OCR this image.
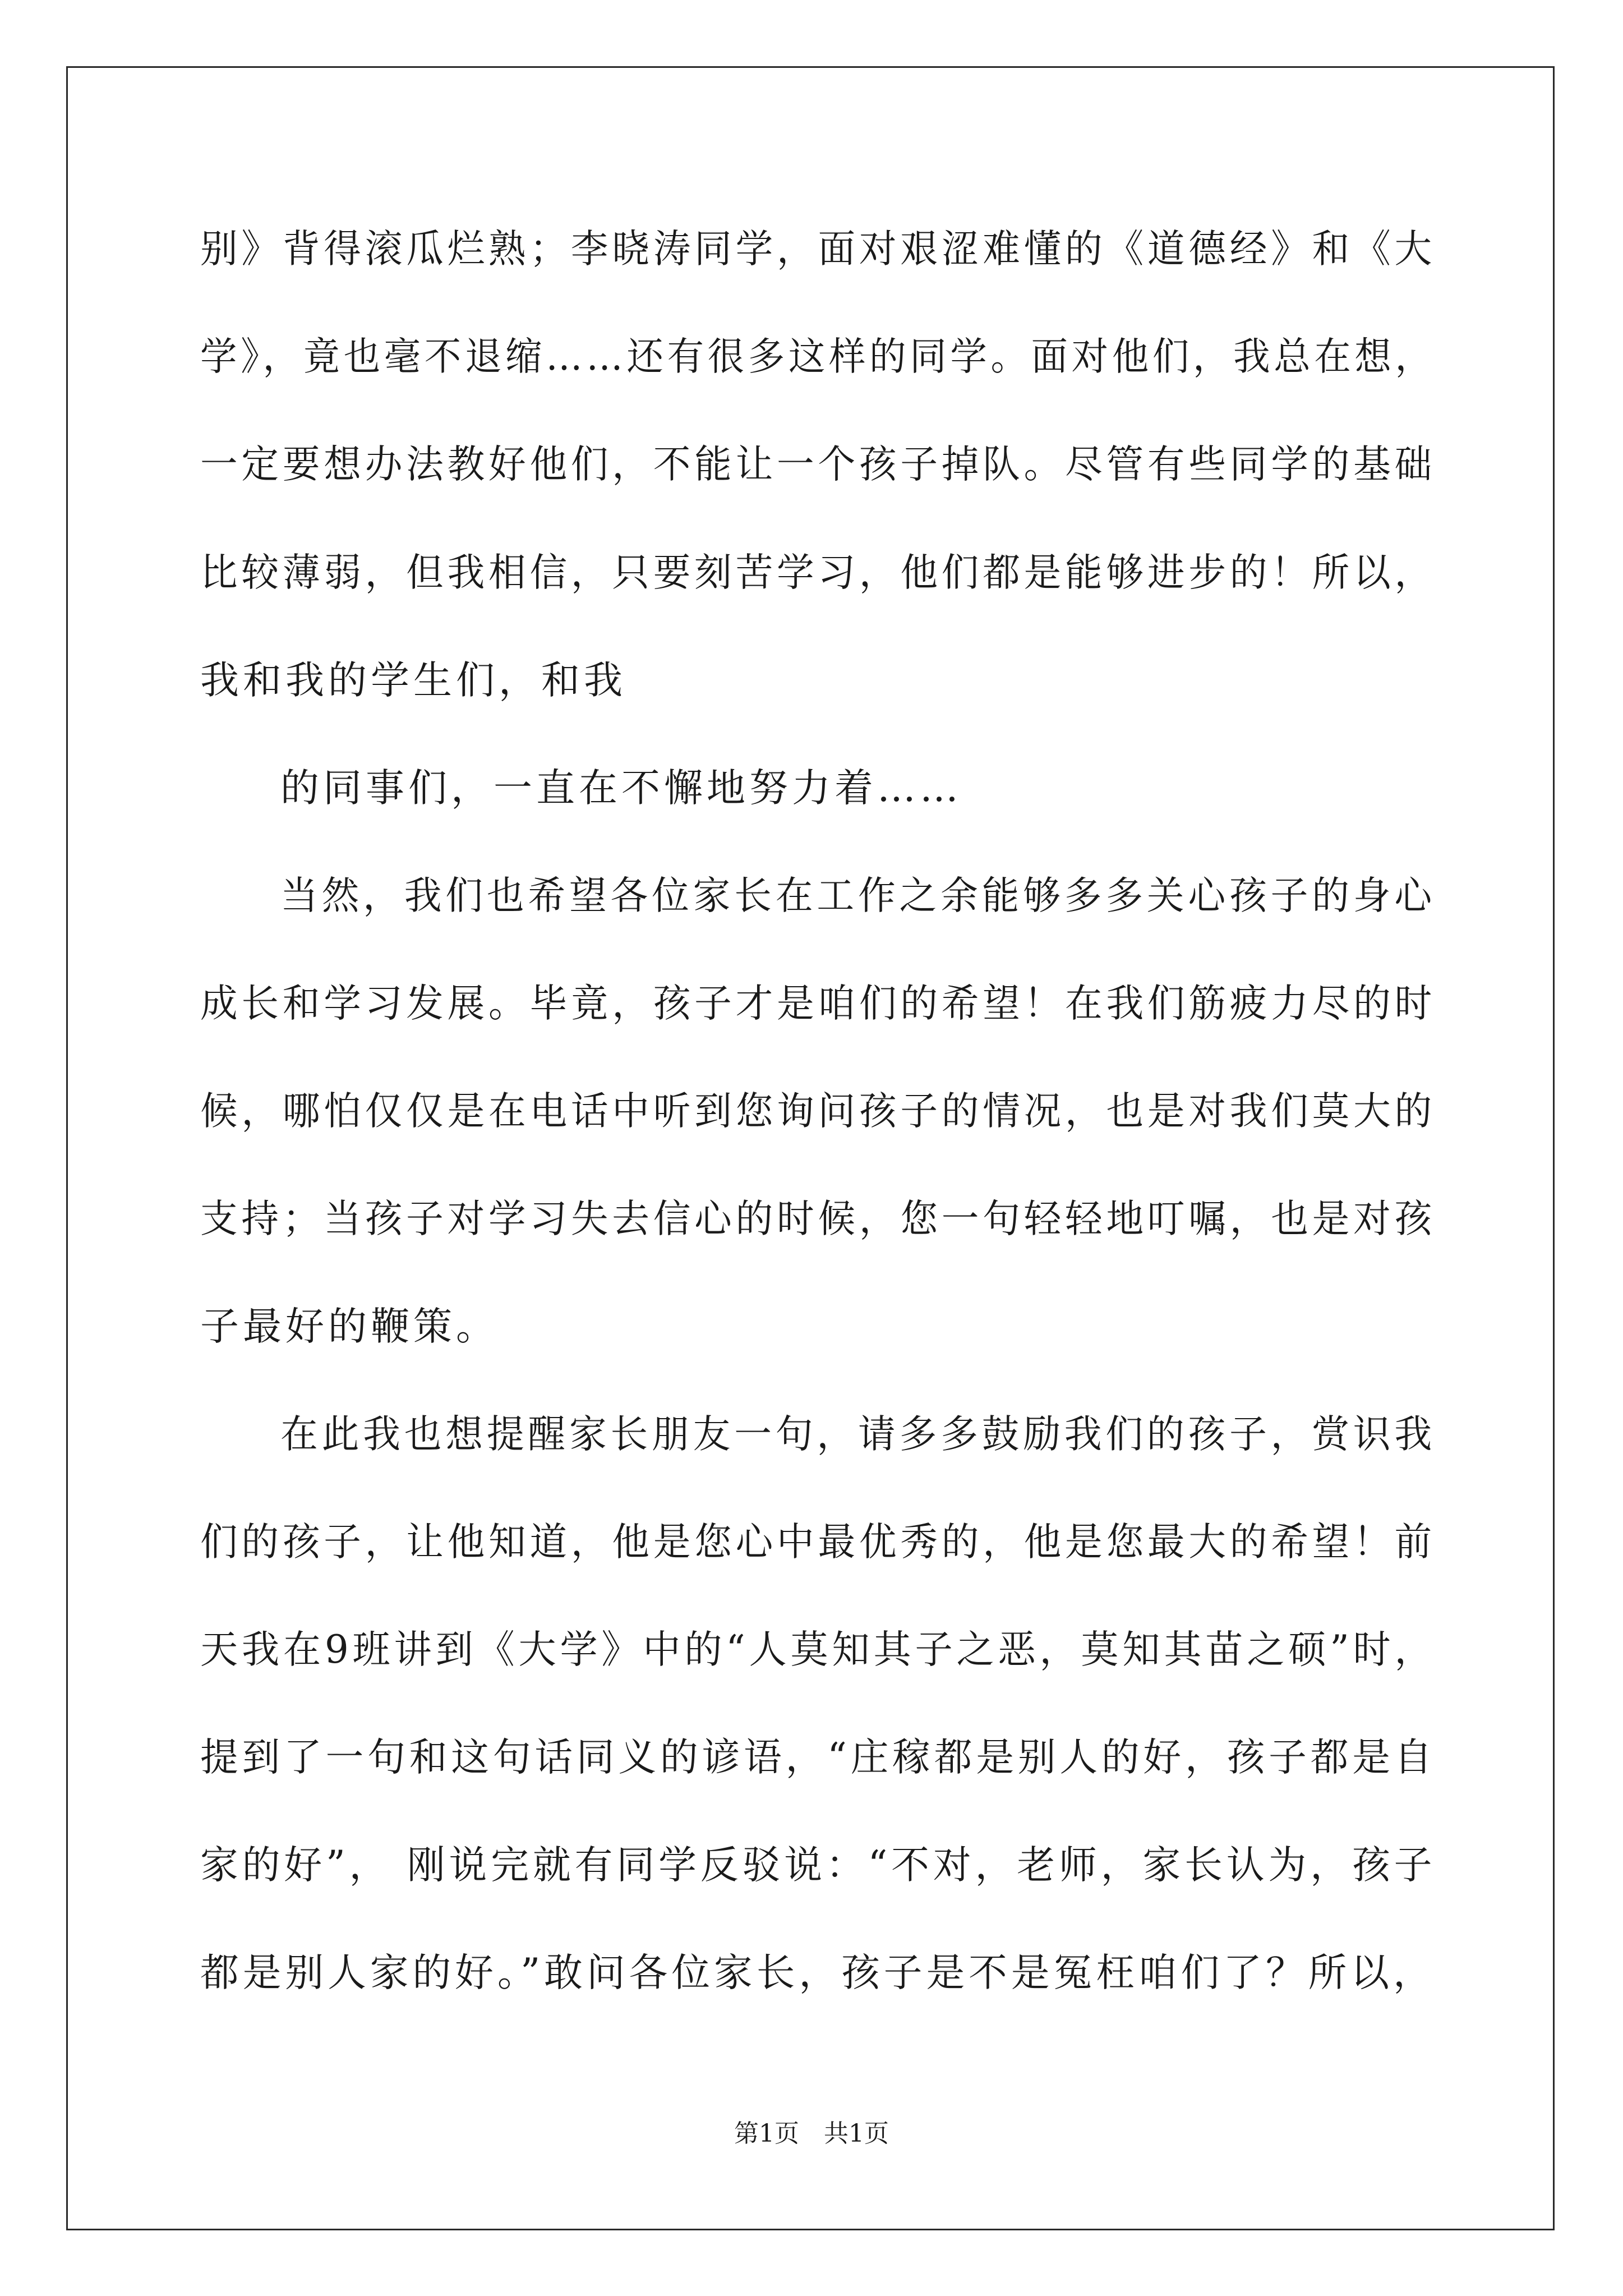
别》背得滚瓜烂熟；李晓涛同学，面对艰涩难懂的《道德经》和《大
学》，竟也毫不退缩……还有很多这样的同学。面对他们，我总在想，
一定要想办法教好他们，不能让一个孩子掉队。尽管有些同学的基础
比较薄弱，但我相信，只要刻苦学习，他们都是能够进步的！所以，
我和我的学生们，和我
的同事们，一直在不懈地努力着……
当然，我们也希望各位家长在工作之余能够多多关心孩子的身心
成长和学习发展。毕竟，孩子才是咱们的希望！在我们筋疲力尽的时
候，哪怕仅仅是在电话中听到您询问孩子的情况，也是对我们莫大的
支持；当孩子对学习失去信心的时候，您一句轻轻地叮嘱，也是对孩
子最好的鞭策。
在此我也想提醒家长朋友一句，请多多鼓励我们的孩子，赏识我
们的孩子，让他知道，他是您心中最优秀的，他是您最大的希望！前
天我在9班讲到《大学》中的“人莫知其子之恶，莫知其苗之硕”时，
提到了一句和这句话同义的谚语，“庄稼都是别人的好，孩子都是自
家的好”， 刚说完就有同学反驳说：“不对，老师，家长认为，孩子
都是别人家的好。”敢问各位家长，孩子是不是冤枉咱们了？所以，
第1页　共1页
